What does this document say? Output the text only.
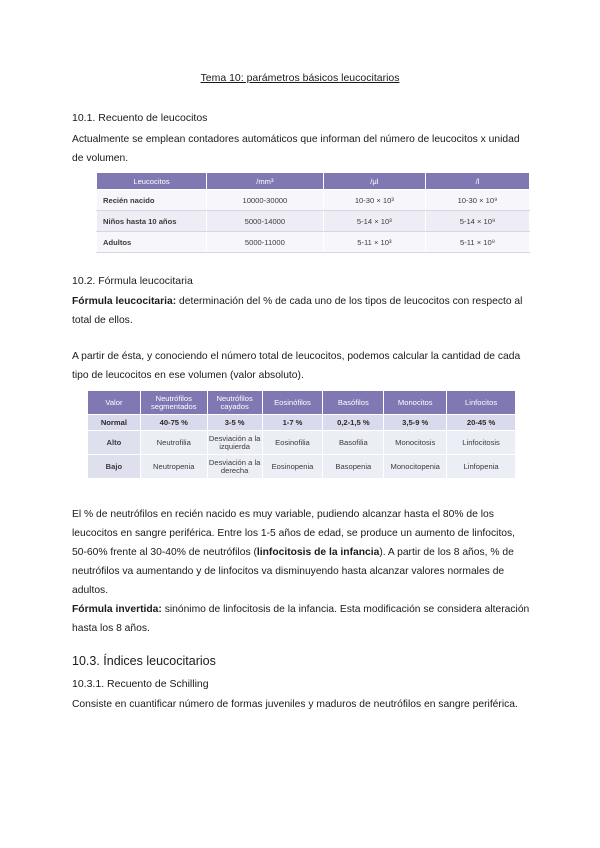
Tema 10: parámetros básicos leucocitarios
10.1. Recuento de leucocitos
Actualmente se emplean contadores automáticos que informan del número de leucocitos x unidad de volumen.
Leucocitos	/mm³	/μl	/l
Recién nacido	10000-30000	10-30 × 10³	10-30 × 10⁹
Niños hasta 10 años	5000-14000	5-14 × 10³	5-14 × 10⁹
Adultos	5000-11000	5-11 × 10³	5-11 × 10⁹
10.2. Fórmula leucocitaria
Fórmula leucocitaria: determinación del % de cada uno de los tipos de leucocitos con respecto al total de ellos.
A partir de ésta, y conociendo el número total de leucocitos, podemos calcular la cantidad de cada tipo de leucocitos en ese volumen (valor absoluto).
Valor	Neutrófilos segmentados	Neutrófilos cayados	Eosinófilos	Basófilos	Monocitos	Linfocitos
Normal	40-75 %	3-5 %	1-7 %	0,2-1,5 %	3,5-9 %	20-45 %
Alto	Neutrofilia	Desviación a la izquierda	Eosinofilia	Basofilia	Monocitosis	Linfocitosis
Bajo	Neutropenia	Desviación a la derecha	Eosinopenia	Basopenia	Monocitopenia	Linfopenia
El % de neutrófilos en recién nacido es muy variable, pudiendo alcanzar hasta el 80% de los leucocitos en sangre periférica. Entre los 1-5 años de edad, se produce un aumento de linfocitos, 50-60% frente al 30-40% de neutrófilos (linfocitosis de la infancia). A partir de los 8 años, % de neutrófilos va aumentando y de linfocitos va disminuyendo hasta alcanzar valores normales de adultos.
Fórmula invertida: sinónimo de linfocitosis de la infancia. Esta modificación se considera alteración hasta los 8 años.
10.3. Índices leucocitarios
10.3.1. Recuento de Schilling
Consiste en cuantificar número de formas juveniles y maduros de neutrófilos en sangre periférica.
